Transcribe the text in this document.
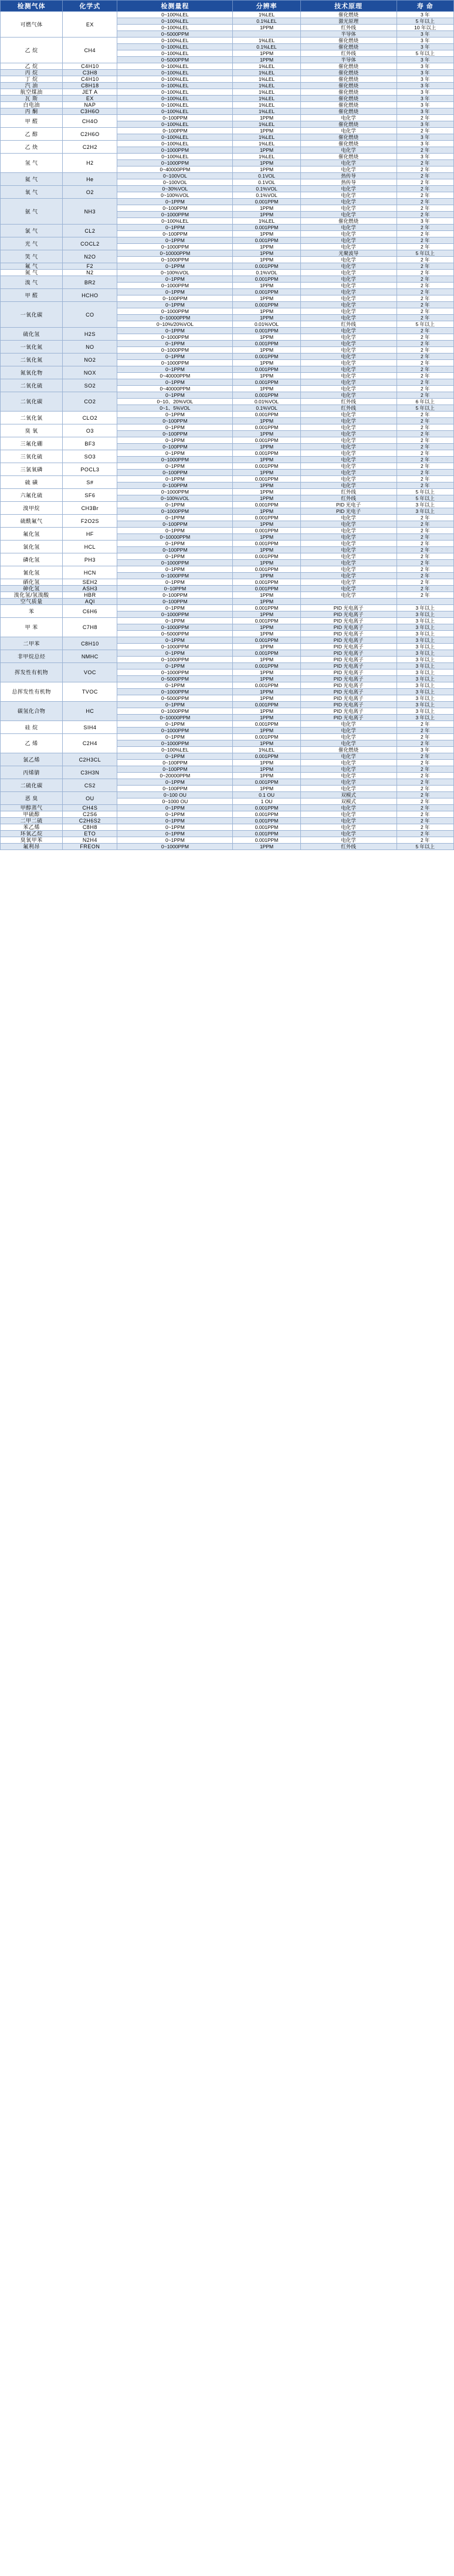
检测气体	化学式	检测量程	分辨率	技术原理	寿 命
可燃气体	EX	0~100%LEL	1%LEL	催化燃烧	3 年
		0~100%LEL	0.1%LEL	激光原理	5 年以上
		0~100%LEL	1PPM	红外线	10 年以上
		0~5000PPM		半导体	3 年
乙 烷	CH4	0~100%LEL	1%LEL	催化燃烧	3 年
		0~100%LEL	0.1%LEL	催化燃烧	3 年
		0~100%LEL	1PPM	红外线	5 年以上
		0~5000PPM	1PPM	半导体	3 年
乙 烷	C4H10	0~100%LEL	1%LEL	催化燃烧	3 年
丙 烷	C3H8	0~100%LEL	1%LEL	催化燃烧	3 年
丁 烷	C4H10	0~100%LEL	1%LEL	催化燃烧	3 年
汽 油	C8H18	0~100%LEL	1%LEL	催化燃烧	3 年
航空煤油	JET A	0~100%LEL	1%LEL	催化燃烧	3 年
瓦 斯	EX	0~100%LEL	1%LEL	催化燃烧	3 年
白电油	NAP	0~100%LEL	1%LEL	催化燃烧	3 年
丙 酮	C3H6O	0~100%LEL	1%LEL	催化燃烧	3 年
甲 醛	CH4O	0~100PPM	1PPM	电化学	2 年
		0~100%LEL	1%LEL	催化燃烧	3 年
乙 醇	C2H6O	0~100PPM	1PPM	电化学	2 年
		0~100%LEL	1%LEL	催化燃烧	3 年
乙 炔	C2H2	0~100%LEL	1%LEL	催化燃烧	3 年
		0~1000PPM	1PPM	电化学	2 年
氢 气	H2	0~100%LEL	1%LEL	催化燃烧	3 年
		0~1000PPM	1PPM	电化学	2 年
		0~40000PPM	1PPM	电化学	2 年
氦 气	He	0~100VOL	0.1VOL	热传导	2 年
		0~100VOL	0.1VOL	热传导	2 年
氧 气	O2	0~30%VOL	0.1%VOL	电化学	2 年
		0~100%VOL	0.1%VOL	电化学	2 年
氨 气	NH3	0~1PPM	0.001PPM	电化学	2 年
		0~100PPM	1PPM	电化学	2 年
		0~1000PPM	1PPM	电化学	2 年
		0~100%LEL	1%LEL	催化燃烧	3 年
氯 气	CL2	0~1PPM	0.001PPM	电化学	2 年
		0~100PPM	1PPM	电化学	2 年
光 气	COCL2	0~1PPM	0.001PPM	电化学	2 年
		0~1000PPM	1PPM	电化学	2 年
笑 气	N2O	0~10000PPM	1PPM	光聚波导	5 年以上
		0~1000PPM	1PPM	电化学	2 年
氟 气	F2	0~1PPM	0.001PPM	电化学	2 年
氮 气	N2	0~100%VOL	0.1%VOL	电化学	2 年
溴 气	BR2	0~1PPM	0.001PPM	电化学	2 年
		0~1000PPM	1PPM	电化学	2 年
甲 醛	HCHO	0~1PPM	0.001PPM	电化学	2 年
		0~100PPM	1PPM	电化学	2 年
一氧化碳	CO	0~1PPM	0.001PPM	电化学	2 年
		0~1000PPM	1PPM	电化学	2 年
		0~10000PPM	1PPM	电化学	2 年
		0~10%/20%VOL	0.01%VOL	红外线	5 年以上
硫化氢	H2S	0~1PPM	0.001PPM	电化学	2 年
		0~1000PPM	1PPM	电化学	2 年
一氧化氮	NO	0~1PPM	0.001PPM	电化学	2 年
		0~1000PPM	1PPM	电化学	2 年
二氧化氮	NO2	0~1PPM	0.001PPM	电化学	2 年
		0~1000PPM	1PPM	电化学	2 年
氮氧化物	NOX	0~1PPM	0.001PPM	电化学	2 年
		0~40000PPM	1PPM	电化学	2 年
二氧化硫	SO2	0~1PPM	0.001PPM	电化学	2 年
		0~40000PPM	1PPM	电化学	2 年
二氧化碳	CO2	0~1PPM	0.001PPM	电化学	2 年
		0~10、20%VOL	0.01%VOL	红外线	6 年以上
		0~1、5%VOL	0.1%VOL	红外线	5 年以上
二氧化氯	CLO2	0~1PPM	0.001PPM	电化学	2 年
		0~100PPM	1PPM	电化学	2 年
臭 氧	O3	0~1PPM	0.001PPM	电化学	2 年
		0~100PPM	1PPM	电化学	2 年
三氟化硼	BF3	0~1PPM	0.001PPM	电化学	2 年
		0~100PPM	1PPM	电化学	2 年
三氧化硫	SO3	0~1PPM	0.001PPM	电化学	2 年
		0~1000PPM	1PPM	电化学	2 年
三氯氧磷	POCL3	0~1PPM	0.001PPM	电化学	2 年
		0~100PPM	1PPM	电化学	2 年
硫 磺	S#	0~1PPM	0.001PPM	电化学	2 年
		0~100PPM	1PPM	电化学	2 年
六氟化硫	SF6	0~1000PPM	1PPM	红外线	5 年以上
		0~100%VOL	1PPM	红外线	5 年以上
溴甲烷	CH3Br	0~1PPM	0.001PPM	PID 光电子	3 年以上
		0~1000PPM	1PPM	PID 光电子	3 年以上
硫酰氟气	F2O2S	0~1PPM	0.001PPM	电化学	2 年
		0~100PPM	1PPM	电化学	2 年
氟化氢	HF	0~1PPM	0.001PPM	电化学	2 年
		0~10000PPM	1PPM	电化学	2 年
氯化氢	HCL	0~1PPM	0.001PPM	电化学	2 年
		0~100PPM	1PPM	电化学	2 年
磷化氢	PH3	0~1PPM	0.001PPM	电化学	2 年
		0~1000PPM	1PPM	电化学	2 年
氰化氢	HCN	0~1PPM	0.001PPM	电化学	2 年
		0~1000PPM	1PPM	电化学	2 年
硒化氢	SEH2	0~1PPM	0.001PPM	电化学	2 年
砷化氢	ASH3	0~10PPM	0.001PPM	电化学	2 年
溴化氢/氢溴酸	HBR	0~100PPM	1PPM	电化学	2 年
空气质量	AQI	0~100PPM	1PPM		
苯	C6H6	0~1PPM	0.001PPM	PID 光电离子	3 年以上
		0~1000PPM	1PPM	PID 光电离子	3 年以上
甲 苯	C7H8	0~1PPM	0.001PPM	PID 光电离子	3 年以上
		0~1000PPM	1PPM	PID 光电离子	3 年以上
		0~5000PPM	1PPM	PID 光电离子	3 年以上
二甲苯	C8H10	0~1PPM	0.001PPM	PID 光电离子	3 年以上
		0~1000PPM	1PPM	PID 光电离子	3 年以上
非甲烷总烃	NMHC	0~1PPM	0.001PPM	PID 光电离子	3 年以上
		0~1000PPM	1PPM	PID 光电离子	3 年以上
挥发性有机物	VOC	0~1PPM	0.001PPM	PID 光电离子	3 年以上
		0~1000PPM	1PPM	PID 光电离子	3 年以上
		0~5000PPM	1PPM	PID 光电离子	3 年以上
总挥发性有机物	TVOC	0~1PPM	0.001PPM	PID 光电离子	3 年以上
		0~1000PPM	1PPM	PID 光电离子	3 年以上
		0~5000PPM	1PPM	PID 光电离子	3 年以上
碳氢化合物	HC	0~1PPM	0.001PPM	PID 光电离子	3 年以上
		0~1000PPM	1PPM	PID 光电离子	3 年以上
		0~10000PPM	1PPM	PID 光电离子	3 年以上
硅 烷	SIH4	0~1PPM	0.001PPM	电化学	2 年
		0~1000PPM	1PPM	电化学	2 年
乙 烯	C2H4	0~1PPM	0.001PPM	电化学	2 年
		0~1000PPM	1PPM	电化学	2 年
		0~100%LEL	1%LEL	催化燃烧	3 年
氯乙烯	C2H3CL	0~1PPM	0.001PPM	电化学	2 年
		0~100PPM	1PPM	电化学	2 年
丙烯腈	C3H3N	0~100PPM	1PPM	电化学	2 年
		0~20000PPM	1PPM	电化学	2 年
二硫化碳	CS2	0~1PPM	0.001PPM	电化学	2 年
		0~100PPM	1PPM	电化学	2 年
恶 臭	OU	0~100 OU	0.1 OU	双模式	2 年
		0~1000 OU	1 OU	双模式	2 年
甲醇蒸气	CH4S	0~1PPM	0.001PPM	电化学	2 年
甲硫醇	C2S6	0~1PPM	0.001PPM	电化学	2 年
二甲二硫	C2H6S2	0~1PPM	0.001PPM	电化学	2 年
苯乙烯	C8H8	0~1PPM	0.001PPM	电化学	2 年
环氧乙烷	ETO	0~1PPM	0.001PPM	电化学	2 年
臭氧甲苯	N2H4	0~1PPM	0.001PPM	电化学	2 年
氟利昂	FREON	0~1000PPM	1PPM	红外线	5 年以上
